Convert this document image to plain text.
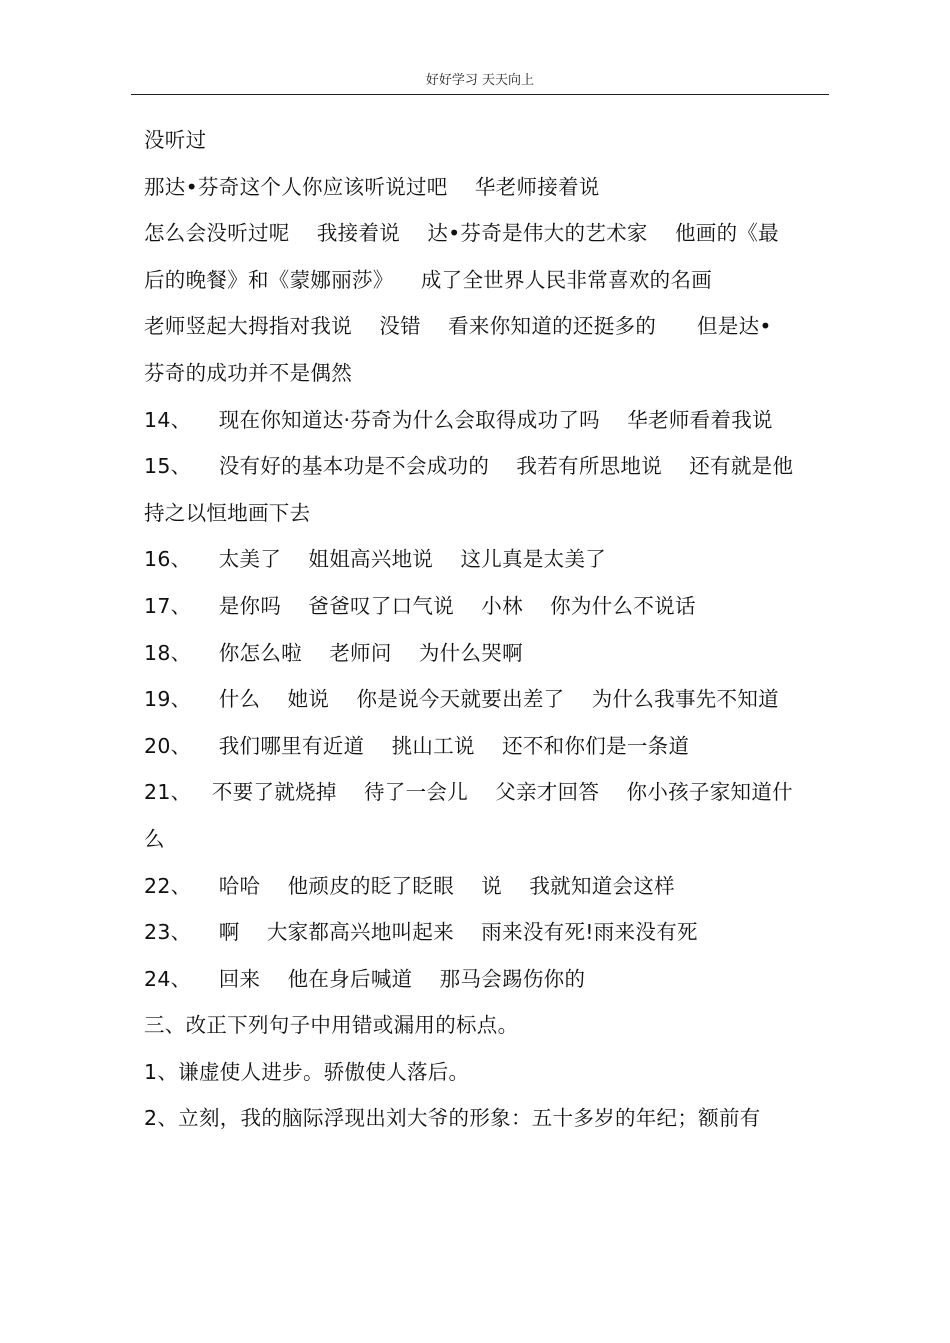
好好学习 天天向上
没听过
那达•芬奇这个人你应该听说过吧    华老师接着说
怎么会没听过呢    我接着说    达•芬奇是伟大的艺术家    他画的《最
后的晚餐》和《蒙娜丽莎》    成了全世界人民非常喜欢的名画
老师竖起大拇指对我说    没错    看来你知道的还挺多的      但是达•
芬奇的成功并不是偶然
14、    现在你知道达·芬奇为什么会取得成功了吗    华老师看着我说
15、    没有好的基本功是不会成功的    我若有所思地说    还有就是他
持之以恒地画下去
16、    太美了    姐姐高兴地说    这儿真是太美了
17、    是你吗    爸爸叹了口气说    小林    你为什么不说话
18、    你怎么啦    老师问    为什么哭啊
19、    什么    她说    你是说今天就要出差了    为什么我事先不知道
20、    我们哪里有近道    挑山工说    还不和你们是一条道
21、   不要了就烧掉    待了一会儿    父亲才回答    你小孩子家知道什
么
22、    哈哈    他顽皮的眨了眨眼    说    我就知道会这样
23、    啊    大家都高兴地叫起来    雨来没有死!雨来没有死
24、    回来    他在身后喊道    那马会踢伤你的
三、改正下列句子中用错或漏用的标点。
1、谦虚使人进步。骄傲使人落后。
2、立刻，我的脑际浮现出刘大爷的形象：五十多岁的年纪；额前有
